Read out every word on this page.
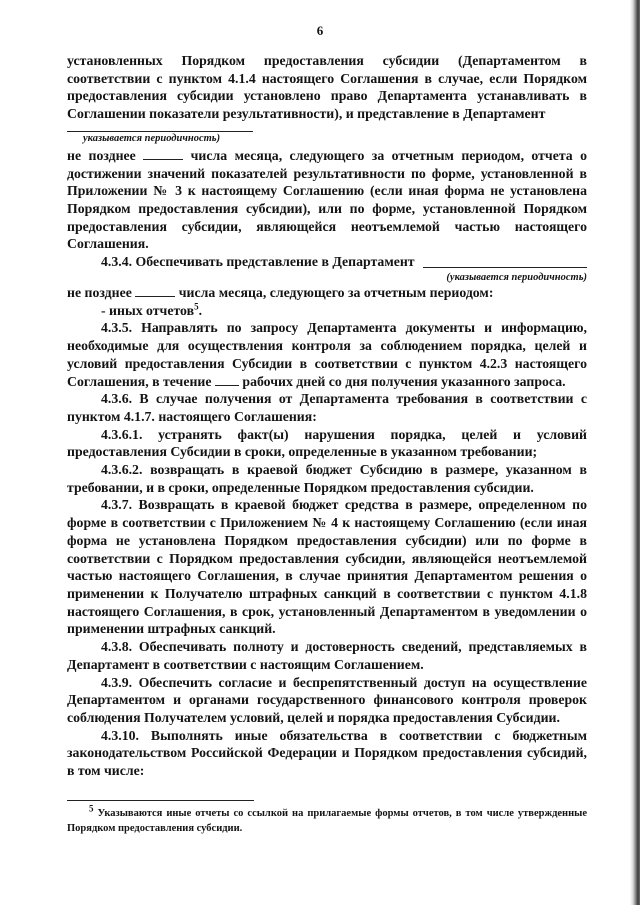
6

установленных Порядком предоставления субсидии (Департаментом в соответствии с пунктом 4.1.4 настоящего Соглашения в случае, если Порядком предоставления субсидии установлено право Департамента устанавливать в Соглашении показатели результативности), и представление в Департамент

указывается периодичность)

не позднее	числа месяца, следующего за отчетным периодом, отчета о достижении значений показателей результативности по форме, установленной в Приложении № 3 к настоящему Соглашению (если иная форма не установлена Порядком предоставления субсидии), или по форме, установленной Порядком предоставления субсидии, являющейся неотъемлемой частью настоящего Соглашения.

4.3.4. Обеспечивать представление в Департамент
(указывается периодичность)

не позднее	числа месяца, следующего за отчетным периодом:

- иных отчетов$^5$.

4.3.5. Направлять по запросу Департамента документы и информацию, необходимые для осуществления контроля за соблюдением порядка, целей и условий предоставления Субсидии в соответствии с пунктом 4.2.3 настоящего Соглашения, в течение рабочих дней со дня получения указанного запроса.

4.3.6. В случае получения от Департамента требования в соответствии с пунктом 4.1.7. настоящего Соглашения:

4.3.6.1. устранять факт(ы) нарушения порядка, целей и условий предоставления Субсидии в сроки, определенные в указанном требовании;

4.3.6.2. возвращать в краевой бюджет Субсидию в размере, указанном в требовании, и в сроки, определенные Порядком предоставления субсидии.

4.3.7. Возвращать в краевой бюджет средства в размере, определенном по форме в соответствии с Приложением № 4 к настоящему Соглашению (если иная форма не установлена Порядком предоставления субсидии) или по форме в соответствии с Порядком предоставления субсидии, являющейся неотъемлемой частью настоящего Соглашения, в случае принятия Департаментом решения о применении к Получателю штрафных санкций в соответствии с пунктом 4.1.8 настоящего Соглашения, в срок, установленный Департаментом в уведомлении о применении штрафных санкций.

4.3.8. Обеспечивать полноту и достоверность сведений, представляемых в Департамент в соответствии с настоящим Соглашением.

4.3.9. Обеспечить согласие и беспрепятственный доступ на осуществление Департаментом и органами государственного финансового контроля проверок соблюдения Получателем условий, целей и порядка предоставления Субсидии.

4.3.10. Выполнять иные обязательства в соответствии с бюджетным законодательством Российской Федерации и Порядком предоставления субсидий, в том числе:

$^5$ Указываются иные отчеты со ссылкой на прилагаемые формы отчетов, в том числе утвержденные Порядком предоставления субсидии.
